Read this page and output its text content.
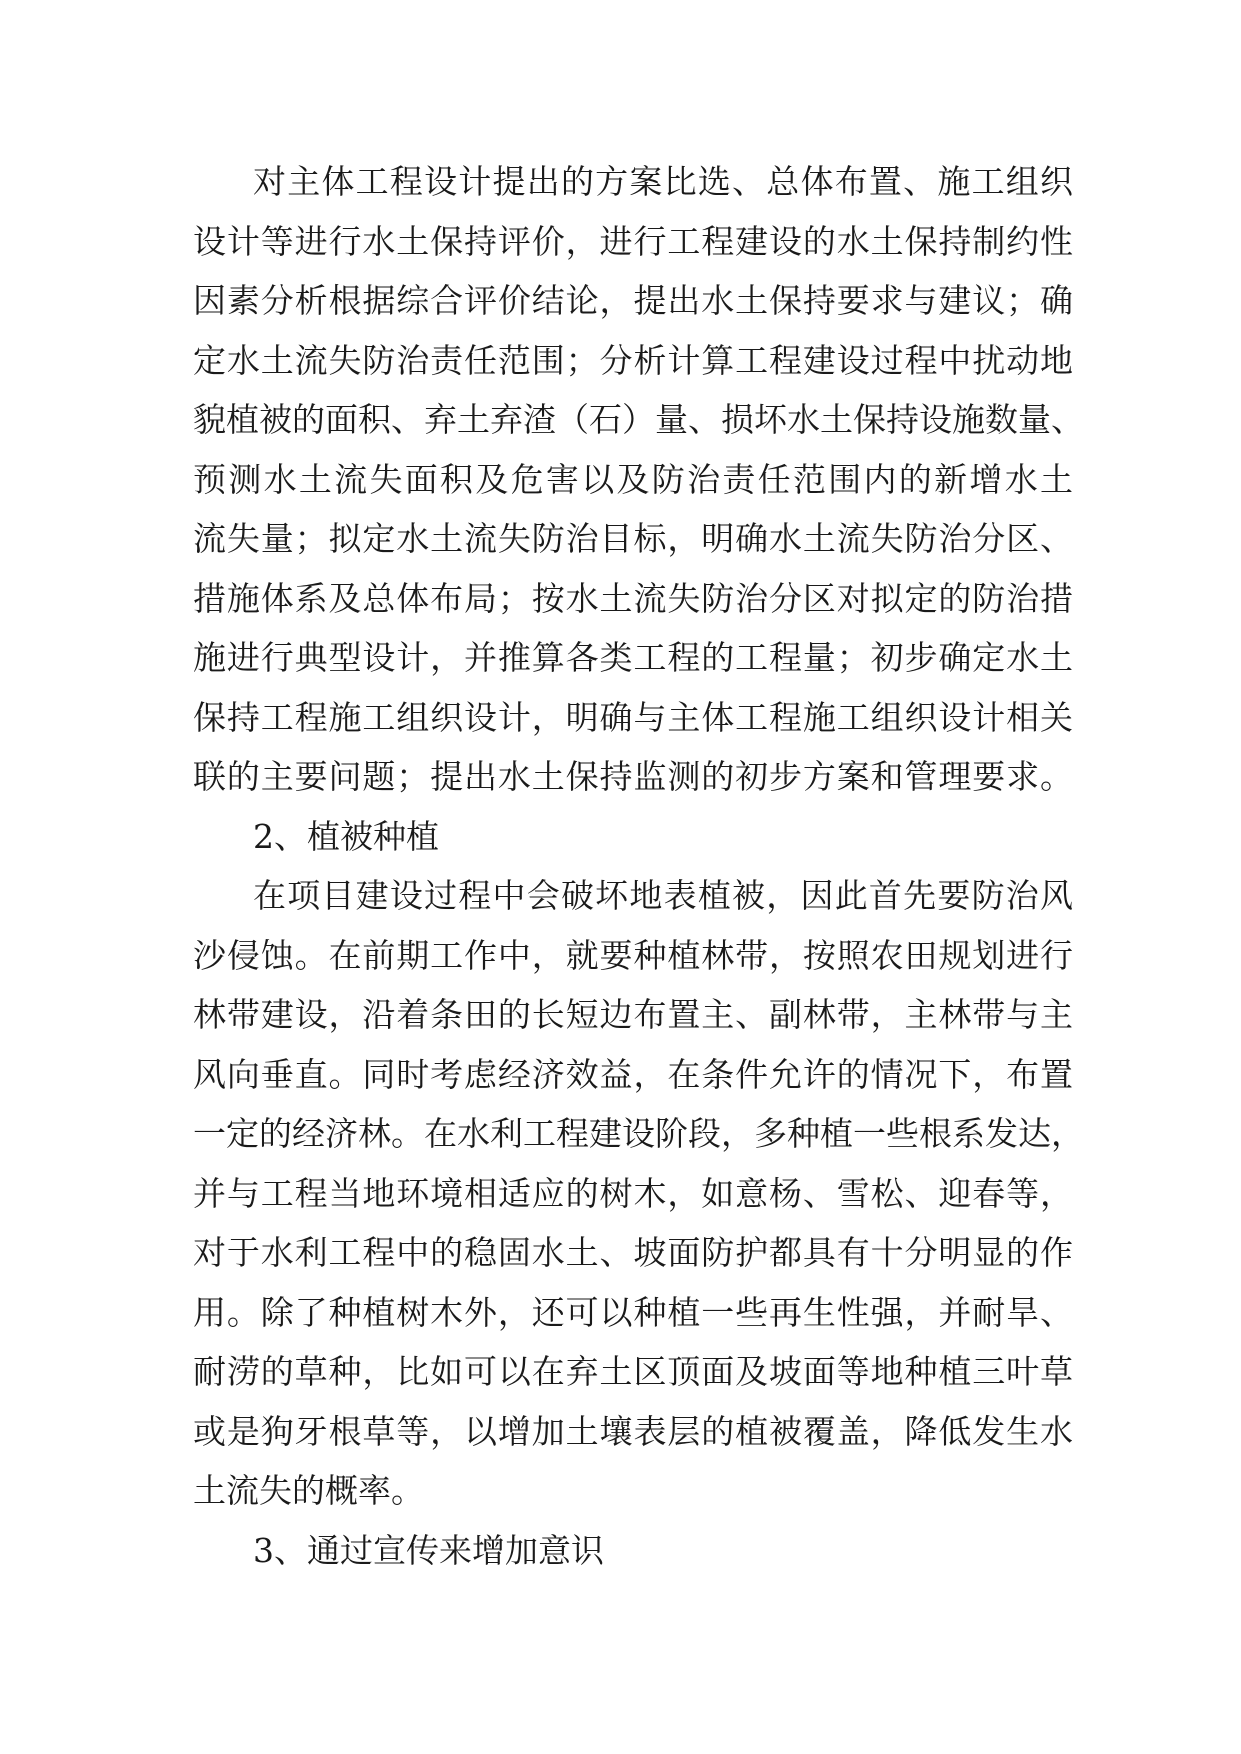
对主体工程设计提出的方案比选、总体布置、施工组织
设计等进行水土保持评价，进行工程建设的水土保持制约性
因素分析根据综合评价结论，提出水土保持要求与建议；确
定水土流失防治责任范围；分析计算工程建设过程中扰动地
貌植被的面积、弃土弃渣（石）量、损坏水土保持设施数量、
预测水土流失面积及危害以及防治责任范围内的新增水土
流失量；拟定水土流失防治目标，明确水土流失防治分区、
措施体系及总体布局；按水土流失防治分区对拟定的防治措
施进行典型设计，并推算各类工程的工程量；初步确定水土
保持工程施工组织设计，明确与主体工程施工组织设计相关
联的主要问题；提出水土保持监测的初步方案和管理要求。
2、植被种植
在项目建设过程中会破坏地表植被，因此首先要防治风
沙侵蚀。在前期工作中，就要种植林带，按照农田规划进行
林带建设，沿着条田的长短边布置主、副林带，主林带与主
风向垂直。同时考虑经济效益，在条件允许的情况下，布置
一定的经济林。在水利工程建设阶段，多种植一些根系发达，
并与工程当地环境相适应的树木，如意杨、雪松、迎春等，
对于水利工程中的稳固水土、坡面防护都具有十分明显的作
用。除了种植树木外，还可以种植一些再生性强，并耐旱、
耐涝的草种，比如可以在弃土区顶面及坡面等地种植三叶草
或是狗牙根草等，以增加土壤表层的植被覆盖，降低发生水
土流失的概率。
3、通过宣传来增加意识
